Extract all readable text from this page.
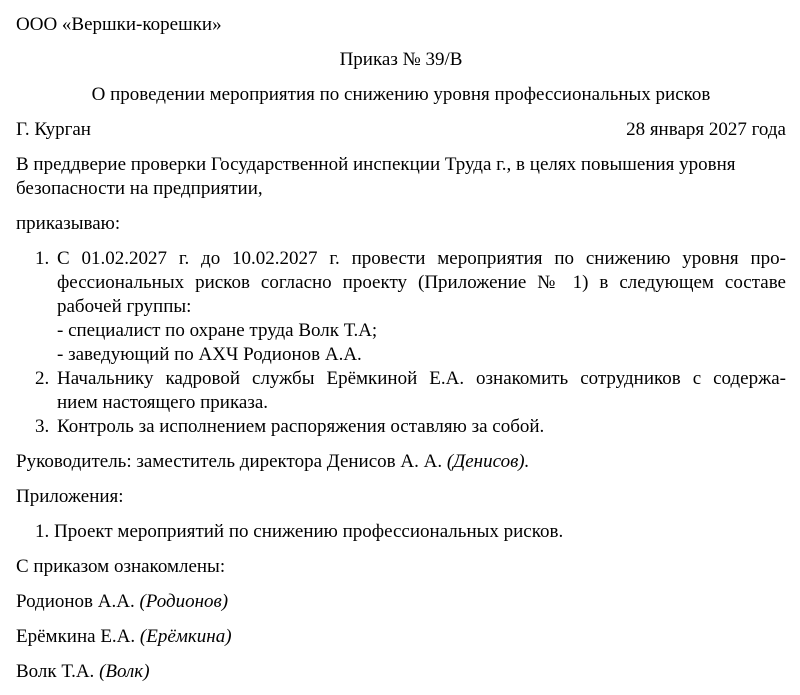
ООО «Вершки-корешки»
Приказ № 39/В
О проведении мероприятия по снижению уровня профессиональных рисков
Г. Курган	28 января 2027 года
В преддверие проверки Государственной инспекции Труда г., в целях повышения уровня
безопасности на предприятии,
приказываю:
1. С 01.02.2027 г. до 10.02.2027 г. провести мероприятия по снижению уровня про-
фессиональных рисков согласно проекту (Приложение № 1) в следующем составе
рабочей группы:
- специалист по охране труда Волк Т.А;
- заведующий по АХЧ Родионов А.А.
2. Начальнику кадровой службы Ерёмкиной Е.А. ознакомить сотрудников с содержа-
нием настоящего приказа.
3. Контроль за исполнением распоряжения оставляю за собой.
Руководитель: заместитель директора Денисов А. А. (Денисов).
Приложения:
1. Проект мероприятий по снижению профессиональных рисков.
С приказом ознакомлены:
Родионов А.А. (Родионов)
Ерёмкина Е.А. (Ерёмкина)
Волк Т.А. (Волк)
